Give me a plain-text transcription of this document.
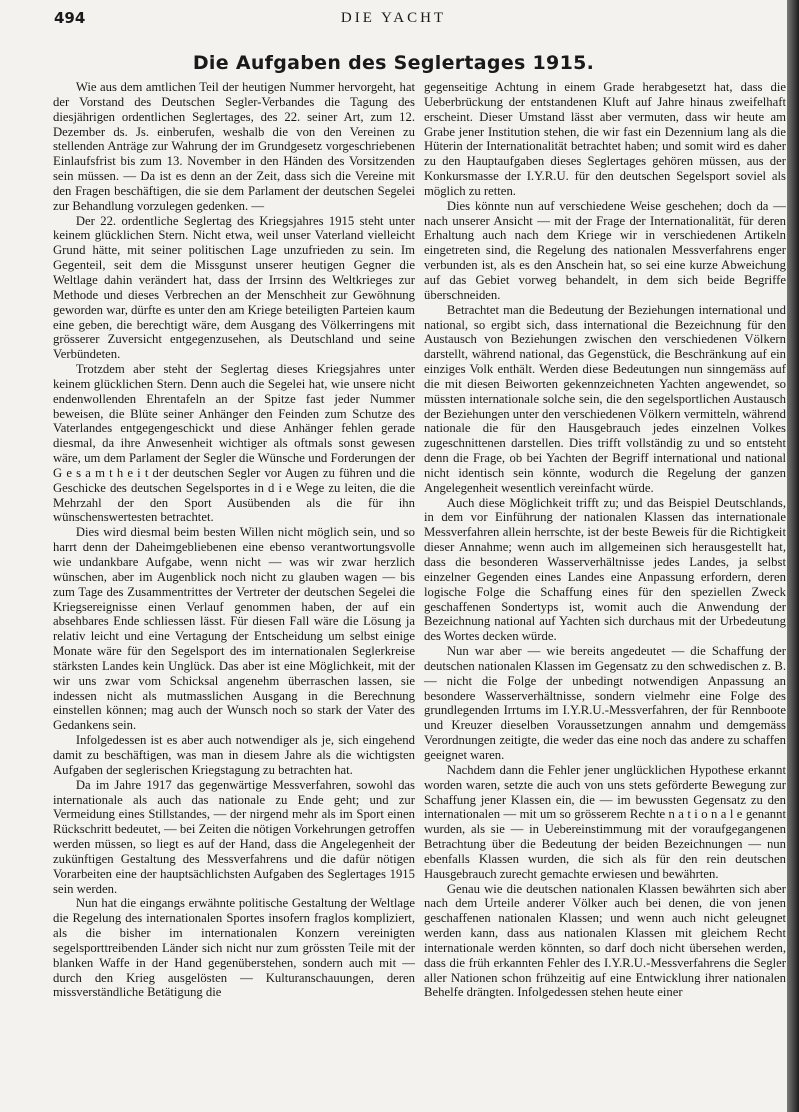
494	DIE YACHT
Die Aufgaben des Seglertages 1915.

Wie aus dem amtlichen Teil der heutigen Nummer hervorgeht, hat der Vorstand des Deutschen Segler-Verbandes die Tagung des diesjährigen ordentlichen Seglertages, des 22. seiner Art, zum 12. Dezember ds. Js. einberufen, weshalb die von den Vereinen zu stellenden Anträge zur Wahrung der im Grundgesetz vorgeschriebenen Einlaufsfrist bis zum 13. November in den Händen des Vorsitzenden sein müssen. — Da ist es denn an der Zeit, dass sich die Vereine mit den Fragen beschäftigen, die sie dem Parlament der deutschen Segelei zur Behandlung vorzulegen gedenken. —

Der 22. ordentliche Seglertag des Kriegsjahres 1915 steht unter keinem glücklichen Stern. Nicht etwa, weil unser Vaterland vielleicht Grund hätte, mit seiner politischen Lage unzufrieden zu sein. Im Gegenteil, seit dem die Missgunst unserer heutigen Gegner die Weltlage dahin verändert hat, dass der Irrsinn des Weltkrieges zur Methode und dieses Verbrechen an der Menschheit zur Gewöhnung geworden war, dürfte es unter den am Kriege beteiligten Parteien kaum eine geben, die berechtigt wäre, dem Ausgang des Völkerringens mit grösserer Zuversicht entgegenzusehen, als Deutschland und seine Verbündeten.

Trotzdem aber steht der Seglertag dieses Kriegsjahres unter keinem glücklichen Stern. Denn auch die Segelei hat, wie unsere nicht endenwollenden Ehrentafeln an der Spitze fast jeder Nummer beweisen, die Blüte seiner Anhänger den Feinden zum Schutze des Vaterlandes entgegengeschickt und diese Anhänger fehlen gerade diesmal, da ihre Anwesenheit wichtiger als oftmals sonst gewesen wäre, um dem Parlament der Segler die Wünsche und Forderungen der G e s a m t h e i t der deutschen Segler vor Augen zu führen und die Geschicke des deutschen Segelsportes in d i e Wege zu leiten, die die Mehrzahl der den Sport Ausübenden als die für ihn wünschenswertesten betrachtet.

Dies wird diesmal beim besten Willen nicht möglich sein, und so harrt denn der Daheimgebliebenen eine ebenso verantwortungsvolle wie undankbare Aufgabe, wenn nicht — was wir zwar herzlich wünschen, aber im Augenblick noch nicht zu glauben wagen — bis zum Tage des Zusammentrittes der Vertreter der deutschen Segelei die Kriegsereignisse einen Verlauf genommen haben, der auf ein absehbares Ende schliessen lässt. Für diesen Fall wäre die Lösung ja relativ leicht und eine Vertagung der Entscheidung um selbst einige Monate wäre für den Segelsport des im internationalen Seglerkreise stärksten Landes kein Unglück. Das aber ist eine Möglichkeit, mit der wir uns zwar vom Schicksal angenehm überraschen lassen, sie indessen nicht als mutmasslichen Ausgang in die Berechnung einstellen können; mag auch der Wunsch noch so stark der Vater des Gedankens sein.

Infolgedessen ist es aber auch notwendiger als je, sich eingehend damit zu beschäftigen, was man in diesem Jahre als die wichtigsten Aufgaben der seglerischen Kriegstagung zu betrachten hat.

Da im Jahre 1917 das gegenwärtige Messverfahren, sowohl das internationale als auch das nationale zu Ende geht; und zur Vermeidung eines Stillstandes, — der nirgend mehr als im Sport einen Rückschritt bedeutet, — bei Zeiten die nötigen Vorkehrungen getroffen werden müssen, so liegt es auf der Hand, dass die Angelegenheit der zukünftigen Gestaltung des Messverfahrens und die dafür nötigen Vorarbeiten eine der hauptsächlichsten Aufgaben des Seglertages 1915 sein werden.

Nun hat die eingangs erwähnte politische Gestaltung der Weltlage die Regelung des internationalen Sportes insofern fraglos kompliziert, als die bisher im internationalen Konzern vereinigten segelsporttreibenden Länder sich nicht nur zum grössten Teile mit der blanken Waffe in der Hand gegenüberstehen, sondern auch mit — durch den Krieg ausgelösten — Kulturanschauungen, deren missverständliche Betätigung die

gegenseitige Achtung in einem Grade herabgesetzt hat, dass die Ueberbrückung der entstandenen Kluft auf Jahre hinaus zweifelhaft erscheint. Dieser Umstand lässt aber vermuten, dass wir heute am Grabe jener Institution stehen, die wir fast ein Dezennium lang als die Hüterin der Internationalität betrachtet haben; und somit wird es daher zu den Hauptaufgaben dieses Seglertages gehören müssen, aus der Konkursmasse der I.Y.R.U. für den deutschen Segelsport soviel als möglich zu retten.

Dies könnte nun auf verschiedene Weise geschehen; doch da — nach unserer Ansicht — mit der Frage der Internationalität, für deren Erhaltung auch nach dem Kriege wir in verschiedenen Artikeln eingetreten sind, die Regelung des nationalen Messverfahrens enger verbunden ist, als es den Anschein hat, so sei eine kurze Abweichung auf das Gebiet vorweg behandelt, in dem sich beide Begriffe überschneiden.

Betrachtet man die Bedeutung der Beziehungen international und national, so ergibt sich, dass international die Bezeichnung für den Austausch von Beziehungen zwischen den verschiedenen Völkern darstellt, während national, das Gegenstück, die Beschränkung auf ein einziges Volk enthält. Werden diese Bedeutungen nun sinngemäss auf die mit diesen Beiworten gekennzeichneten Yachten angewendet, so müssten internationale solche sein, die den segelsportlichen Austausch der Beziehungen unter den verschiedenen Völkern vermitteln, während nationale die für den Hausgebrauch jedes einzelnen Volkes zugeschnittenen darstellen. Dies trifft vollständig zu und so entsteht denn die Frage, ob bei Yachten der Begriff international und national nicht identisch sein könnte, wodurch die Regelung der ganzen Angelegenheit wesentlich vereinfacht würde.

Auch diese Möglichkeit trifft zu; und das Beispiel Deutschlands, in dem vor Einführung der nationalen Klassen das internationale Messverfahren allein herrschte, ist der beste Beweis für die Richtigkeit dieser Annahme; wenn auch im allgemeinen sich herausgestellt hat, dass die besonderen Wasserverhältnisse jedes Landes, ja selbst einzelner Gegenden eines Landes eine Anpassung erfordern, deren logische Folge die Schaffung eines für den speziellen Zweck geschaffenen Sondertyps ist, womit auch die Anwendung der Bezeichnung national auf Yachten sich durchaus mit der Urbedeutung des Wortes decken würde.

Nun war aber — wie bereits angedeutet — die Schaffung der deutschen nationalen Klassen im Gegensatz zu den schwedischen z. B. — nicht die Folge der unbedingt notwendigen Anpassung an besondere Wasserverhältnisse, sondern vielmehr eine Folge des grundlegenden Irrtums im I.Y.R.U.-Messverfahren, der für Rennboote und Kreuzer dieselben Voraussetzungen annahm und demgemäss Verordnungen zeitigte, die weder das eine noch das andere zu schaffen geeignet waren.

Nachdem dann die Fehler jener unglücklichen Hypothese erkannt worden waren, setzte die auch von uns stets geförderte Bewegung zur Schaffung jener Klassen ein, die — im bewussten Gegensatz zu den internationalen — mit um so grösserem Rechte n a t i o n a l e genannt wurden, als sie — in Uebereinstimmung mit der voraufgegangenen Betrachtung über die Bedeutung der beiden Bezeichnungen — nun ebenfalls Klassen wurden, die sich als für den rein deutschen Hausgebrauch zurecht gemachte erwiesen und bewährten.

Genau wie die deutschen nationalen Klassen bewährten sich aber nach dem Urteile anderer Völker auch bei denen, die von jenen geschaffenen nationalen Klassen; und wenn auch nicht geleugnet werden kann, dass aus nationalen Klassen mit gleichem Recht internationale werden könnten, so darf doch nicht übersehen werden, dass die früh erkannten Fehler des I.Y.R.U.-Messverfahrens die Segler aller Nationen schon frühzeitig auf eine Entwicklung ihrer nationalen Behelfe drängten. Infolgedessen stehen heute einer
